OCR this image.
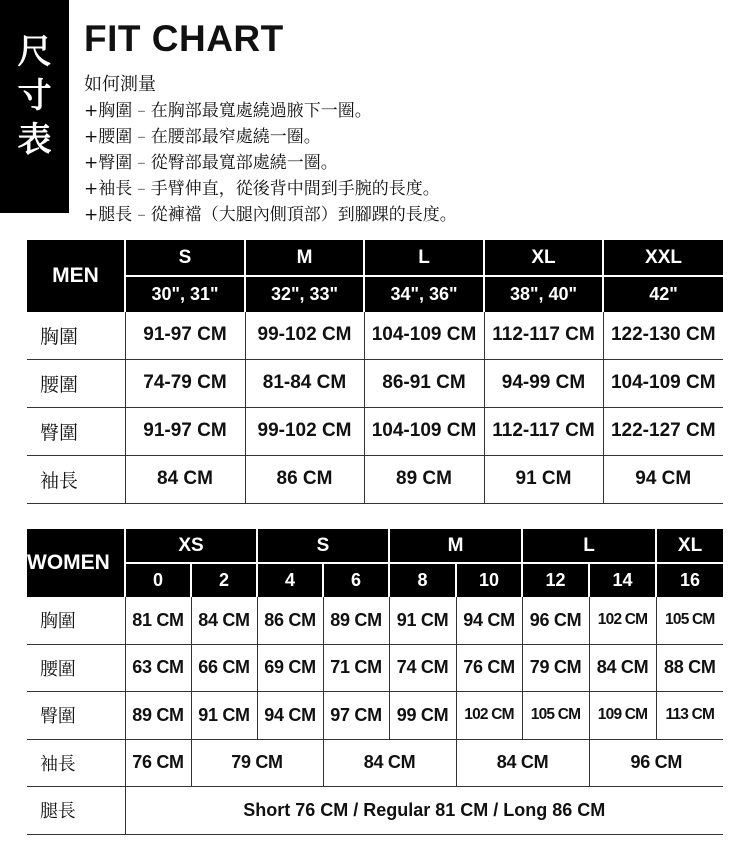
尺
寸
表
FIT CHART
如何測量
+胸圍 – 在胸部最寬處繞過腋下一圈。
+腰圍 – 在腰部最窄處繞一圈。
+臀圍 – 從臀部最寬部處繞一圈。
+袖長 – 手臂伸直，從後背中間到手腕的長度。
+腿長 – 從褲襠（大腿內側頂部）到腳踝的長度。
MEN	S	M	L	XL	XXL
	30", 31"	32", 33"	34", 36"	38", 40"	42"
胸圍	91-97 CM	99-102 CM	104-109 CM	112-117 CM	122-130 CM
腰圍	74-79 CM	81-84 CM	86-91 CM	94-99 CM	104-109 CM
臀圍	91-97 CM	99-102 CM	104-109 CM	112-117 CM	122-127 CM
袖長	84 CM	86 CM	89 CM	91 CM	94 CM
WOMEN	XS		S		M		L		XL
	0	2	4	6	8	10	12	14	16
胸圍	81 CM	84 CM	86 CM	89 CM	91 CM	94 CM	96 CM	102 CM	105 CM
腰圍	63 CM	66 CM	69 CM	71 CM	74 CM	76 CM	79 CM	84 CM	88 CM
臀圍	89 CM	91 CM	94 CM	97 CM	99 CM	102 CM	105 CM	109 CM	113 CM
袖長	76 CM	79 CM		84 CM		84 CM		96 CM	
腿長	Short 76 CM / Regular 81 CM / Long 86 CM								
